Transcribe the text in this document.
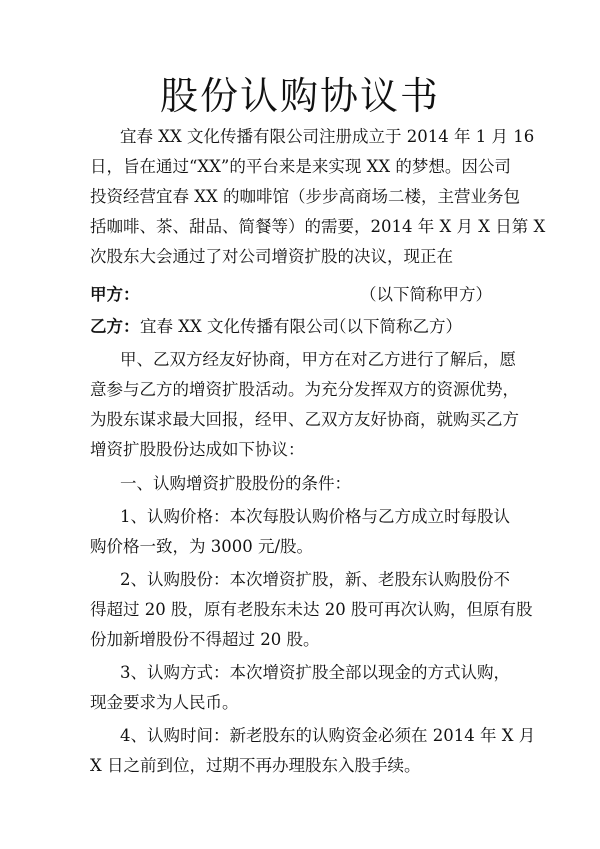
股份认购协议书
宜春 XX 文化传播有限公司注册成立于 2014 年 1 月 16
日，旨在通过“XX”的平台来是来实现 XX 的梦想。因公司
投资经营宜春 XX 的咖啡馆（步步高商场二楼，主营业务包
括咖啡、茶、甜品、简餐等）的需要，2014 年 X 月 X 日第 X
次股东大会通过了对公司增资扩股的决议，现正在
甲方：	（以下简称甲方）
乙方： 宜春 XX 文化传播有限公司
（以下简称乙方）
甲、乙双方经友好协商，甲方在对乙方进行了解后，愿
意参与乙方的增资扩股活动。为充分发挥双方的资源优势，
为股东谋求最大回报，经甲、乙双方友好协商，就购买乙方
增资扩股股份达成如下协议：
一、认购增资扩股股份的条件：
1、认购价格：本次每股认购价格与乙方成立时每股认
购价格一致，为 3000 元/股。
2、认购股份：本次增资扩股，新、老股东认购股份不
得超过 20 股，原有老股东未达 20 股可再次认购，但原有股
份加新增股份不得超过 20 股。
3、认购方式：本次增资扩股全部以现金的方式认购，
现金要求为人民币。
4、认购时间：新老股东的认购资金必须在 2014 年 X 月
X 日之前到位，过期不再办理股东入股手续。
